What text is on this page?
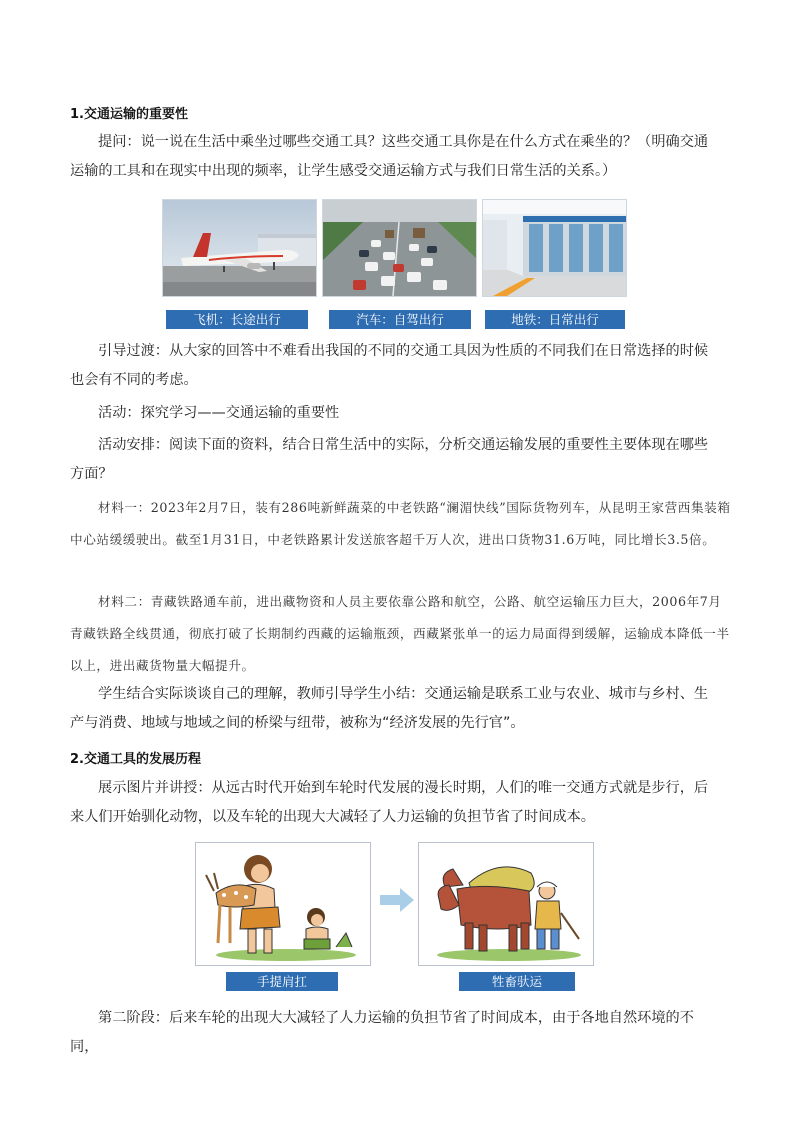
1.交通运输的重要性
提问：说一说在生活中乘坐过哪些交通工具？这些交通工具你是在什么方式在乘坐的？（明确交通运输的工具和在现实中出现的频率，让学生感受交通运输方式与我们日常生活的关系。）
飞机：长途出行	汽车：自驾出行	地铁：日常出行
引导过渡：从大家的回答中不难看出我国的不同的交通工具因为性质的不同我们在日常选择的时候也会有不同的考虑。
活动：探究学习——交通运输的重要性
活动安排：阅读下面的资料，结合日常生活中的实际，分析交通运输发展的重要性主要体现在哪些方面？
材料一：2023年2月7日，装有286吨新鲜蔬菜的中老铁路“澜湄快线”国际货物列车，从昆明王家营西集装箱中心站缓缓驶出。截至1月31日，中老铁路累计发送旅客超千万人次，进出口货物31.6万吨，同比增长3.5倍。
材料二：青藏铁路通车前，进出藏物资和人员主要依靠公路和航空，公路、航空运输压力巨大，2006年7月青藏铁路全线贯通，彻底打破了长期制约西藏的运输瓶颈，西藏紧张单一的运力局面得到缓解，运输成本降低一半以上，进出藏货物量大幅提升。
学生结合实际谈谈自己的理解，教师引导学生小结：交通运输是联系工业与农业、城市与乡村、生产与消费、地域与地域之间的桥梁与纽带，被称为“经济发展的先行官”。
2.交通工具的发展历程
展示图片并讲授：从远古时代开始到车轮时代发展的漫长时期，人们的唯一交通方式就是步行，后来人们开始驯化动物，以及车轮的出现大大减轻了人力运输的负担节省了时间成本。
手提肩扛	牲畜驮运
第二阶段：后来车轮的出现大大减轻了人力运输的负担节省了时间成本，由于各地自然环境的不同，
